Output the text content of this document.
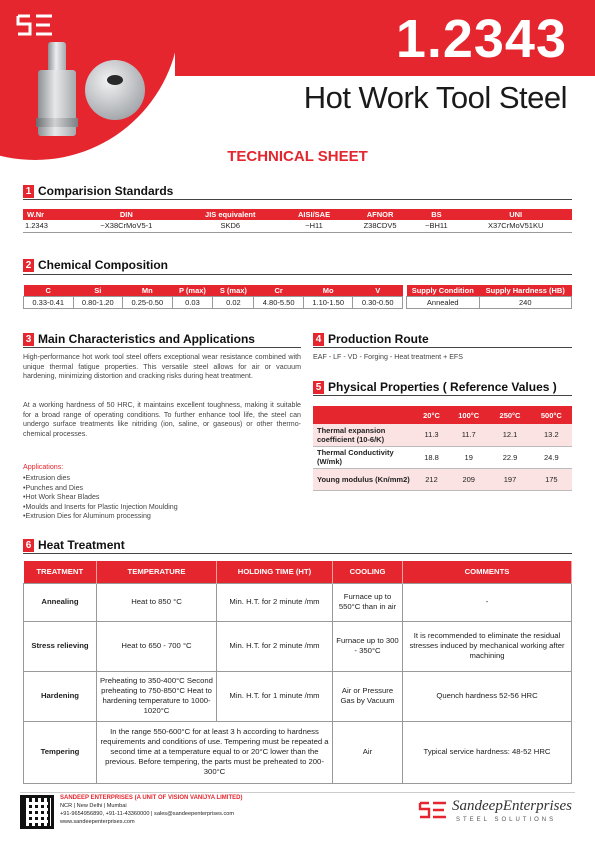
1.2343
Hot Work Tool Steel
TECHNICAL SHEET
1 Comparision Standards
W.Nr	DIN	JIS equivalent	AISI/SAE	AFNOR	BS	UNI
1.2343	~X38CrMoV5-1	SKD6	~H11	Z38CDV5	~BH11	X37CrMoV51KU
2 Chemical Composition
C	Si	Mn	P (max)	S (max)	Cr	Mo	V
0.33-0.41	0.80-1.20	0.25-0.50	0.03	0.02	4.80-5.50	1.10-1.50	0.30-0.50
Supply Condition	Supply Hardness (HB)
Annealed	240
3 Main Characteristics and Applications
High-performance hot work tool steel offers exceptional wear resistance combined with unique thermal fatigue properties. This versatile steel allows for air or vacuum hardening, minimizing distortion and cracking risks during heat treatment.
At a working hardness of 50 HRC, it maintains excellent toughness, making it suitable for a broad range of operating conditions. To further enhance tool life, the steel can undergo surface treatments like nitriding (ion, saline, or gaseous) or other thermo-chemical processes.
Applications:
• Extrusion dies
• Punches and Dies
• Hot Work Shear Blades
• Moulds and Inserts for Plastic Injection Moulding
• Extrusion Dies for Aluminum processing
4 Production Route
EAF - LF - VD - Forging - Heat treatment + EFS
5 Physical Properties ( Reference Values )
	20°C	100°C	250°C	500°C
Thermal expansion coefficient (10-6/K)	11.3	11.7	12.1	13.2
Thermal Conductivity (W/mk)	18.8	19	22.9	24.9
Young modulus (Kn/mm2)	212	209	197	175
6 Heat Treatment
TREATMENT	TEMPERATURE	HOLDING TIME (HT)	COOLING	COMMENTS
Annealing	Heat to 850 °C	Min. H.T. for 2 minute /mm	Furnace up to 550°C than in air	-
Stress relieving	Heat to 650 - 700 °C	Min. H.T. for 2 minute /mm	Furnace up to 300 - 350°C	It is recommended to eliminate the residual stresses induced by mechanical working after machining
Hardening	Preheating to 350-400°C Second preheating to 750-850°C Heat to hardening temperature to 1000-1020°C	Min. H.T. for 1 minute /mm	Air or Pressure Gas by Vacuum	Quench hardness 52-56 HRC
Tempering	In the range 550-600°C for at least 3 h according to hardness requirements and conditions of use. Tempering must be repeated a second time at a temperature equal to or 20°C lower than the previous. Before tempering, the parts must be preheated to 200-300°C		Air	Typical service hardness: 48-52 HRC
SANDEEP ENTERPRISES (A UNIT OF VISION VANIJYA LIMITED)
NCR | New Delhi | Mumbai
+91-9654956890, +91-11-43360000 | sales@sandeepenterprises.com
www.sandeepenterprises.com
SandeepEnterprises
STEEL SOLUTIONS
